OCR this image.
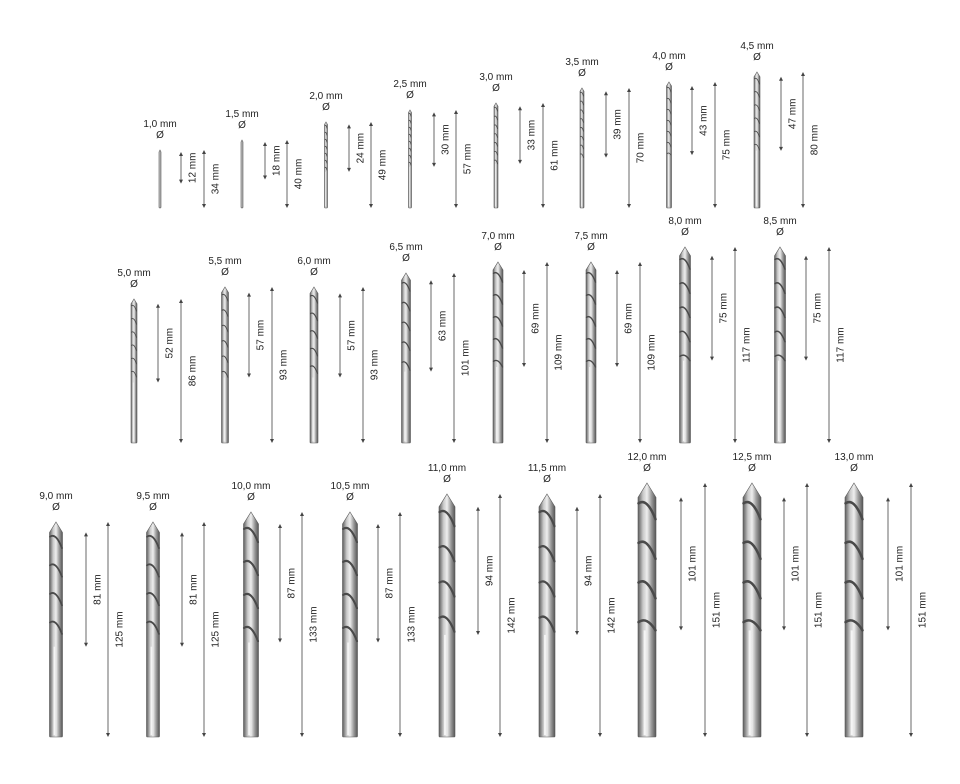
1,0 mm
Ø
12 mm 34 mm
1,5 mm
Ø
18 mm 40 mm
2,0 mm
Ø
24 mm
49 mm
2,5 mm
Ø
30 mm
57 mm
3,0 mm
Ø
33 mm
61 mm
3,5 mm
Ø
39 mm
70 mm
4,0 mm
Ø
43 mm
75 mm
4,5 mm
Ø
47 mm
80 mm
5,0 mm
Ø
52 mm
86 mm
5,5 mm
Ø
57 mm
93 mm
6,0 mm
Ø
57 mm
93 mm
6,5 mm
Ø
63 mm
101 mm
7,0 mm
Ø
69 mm
109 mm
7,5 mm
Ø
69 mm
109 mm
8,0 mm
Ø
75 mm
117 mm
8,5 mm
Ø
75 mm
117 mm
9,0 mm
Ø
81 mm
125 mm
9,5 mm
Ø
81 mm
125 mm
10,0 mm
Ø
87 mm
133 mm
10,5 mm
Ø
87 mm
133 mm
11,0 mm
Ø
94 mm
142 mm
11,5 mm
Ø
94 mm
142 mm
12,0 mm
Ø
101 mm
151 mm
12,5 mm
Ø
101 mm
151 mm
13,0 mm
Ø
101 mm
151 mm
